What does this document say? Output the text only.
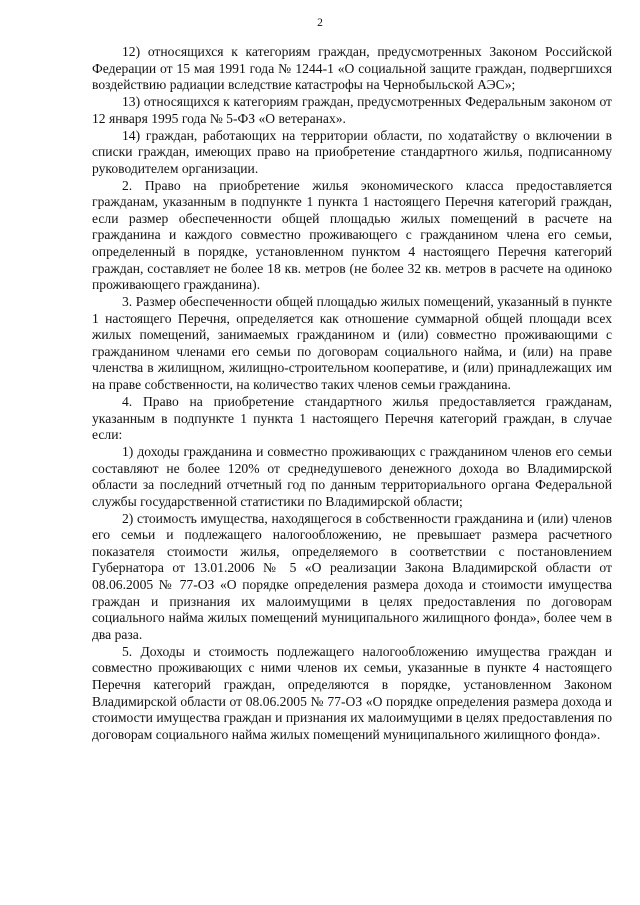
2

12) относящихся к категориям граждан, предусмотренных Законом Российской Федерации от 15 мая 1991 года № 1244-1 «О социальной защите граждан, подвергшихся воздействию радиации вследствие катастрофы на Чернобыльской АЭС»;

13) относящихся к категориям граждан, предусмотренных Федеральным законом от 12 января 1995 года № 5-ФЗ «О ветеранах».

14) граждан, работающих на территории области, по ходатайству о включении в списки граждан, имеющих право на приобретение стандартного жилья, подписанному руководителем организации.

2. Право на приобретение жилья экономического класса предоставляется гражданам, указанным в подпункте 1 пункта 1 настоящего Перечня категорий граждан, если размер обеспеченности общей площадью жилых помещений в расчете на гражданина и каждого совместно проживающего с гражданином члена его семьи, определенный в порядке, установленном пунктом 4 настоящего Перечня категорий граждан, составляет не более 18 кв. метров (не более 32 кв. метров в расчете на одиноко проживающего гражданина).

3. Размер обеспеченности общей площадью жилых помещений, указанный в пункте 1 настоящего Перечня, определяется как отношение суммарной общей площади всех жилых помещений, занимаемых гражданином и (или) совместно проживающими с гражданином членами его семьи по договорам социального найма, и (или) на праве членства в жилищном, жилищно-строительном кооперативе, и (или) принадлежащих им на праве собственности, на количество таких членов семьи гражданина.

4. Право на приобретение стандартного жилья предоставляется гражданам, указанным в подпункте 1 пункта 1 настоящего Перечня категорий граждан, в случае если:

1) доходы гражданина и совместно проживающих с гражданином членов его семьи составляют не более 120% от среднедушевого денежного дохода во Владимирской области за последний отчетный год по данным территориального органа Федеральной службы государственной статистики по Владимирской области;

2) стоимость имущества, находящегося в собственности гражданина и (или) членов его семьи и подлежащего налогообложению, не превышает размера расчетного показателя стоимости жилья, определяемого в соответствии с постановлением Губернатора от 13.01.2006 № 5 «О реализации Закона Владимирской области от 08.06.2005 № 77-ОЗ «О порядке определения размера дохода и стоимости имущества граждан и признания их малоимущими в целях предоставления по договорам социального найма жилых помещений муниципального жилищного фонда», более чем в два раза.

5. Доходы и стоимость подлежащего налогообложению имущества граждан и совместно проживающих с ними членов их семьи, указанные в пункте 4 настоящего Перечня категорий граждан, определяются в порядке, установленном Законом Владимирской области от 08.06.2005 № 77-ОЗ «О порядке определения размера дохода и стоимости имущества граждан и признания их малоимущими в целях предоставления по договорам социального найма жилых помещений муниципального жилищного фонда».
